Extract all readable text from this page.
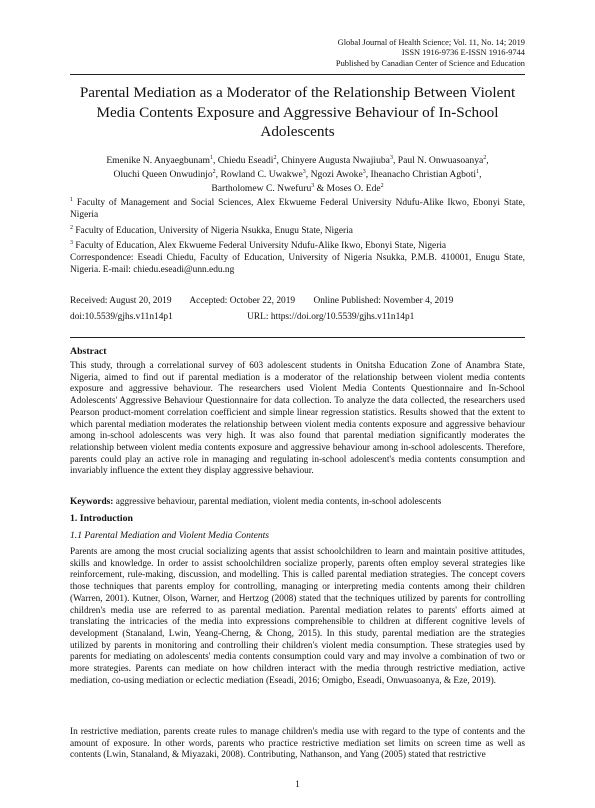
Global Journal of Health Science; Vol. 11, No. 14; 2019
ISSN 1916-9736 E-ISSN 1916-9744
Published by Canadian Center of Science and Education
Parental Mediation as a Moderator of the Relationship Between Violent Media Contents Exposure and Aggressive Behaviour of In-School Adolescents
Emenike N. Anyaegbunam$^1$, Chiedu Eseadi$^2$, Chinyere Augusta Nwajiuba$^3$, Paul N. Onwuasoanya$^2$,
Oluchi Queen Onwudinjo$^2$, Rowland C. Uwakwe$^3$, Ngozi Awoke$^3$, Iheanacho Christian Agboti$^1$,
Bartholomew C. Nwefuru$^3$ & Moses O. Ede$^2$
$^1$ Faculty of Management and Social Sciences, Alex Ekwueme Federal University Ndufu-Alike Ikwo, Ebonyi State, Nigeria
$^2$ Faculty of Education, University of Nigeria Nsukka, Enugu State, Nigeria
$^3$ Faculty of Education, Alex Ekwueme Federal University Ndufu-Alike Ikwo, Ebonyi State, Nigeria
Correspondence: Eseadi Chiedu, Faculty of Education, University of Nigeria Nsukka, P.M.B. 410001, Enugu State, Nigeria. E-mail: chiedu.eseadi@unn.edu.ng
Received: August 20, 2019 Accepted: October 22, 2019 Online Published: November 4, 2019
doi:10.5539/gjhs.v11n14p1	URL: https://doi.org/10.5539/gjhs.v11n14p1
Abstract
This study, through a correlational survey of 603 adolescent students in Onitsha Education Zone of Anambra State, Nigeria, aimed to find out if parental mediation is a moderator of the relationship between violent media contents exposure and aggressive behaviour. The researchers used Violent Media Contents Questionnaire and In-School Adolescents' Aggressive Behaviour Questionnaire for data collection. To analyze the data collected, the researchers used Pearson product-moment correlation coefficient and simple linear regression statistics. Results showed that the extent to which parental mediation moderates the relationship between violent media contents exposure and aggressive behaviour among in-school adolescents was very high. It was also found that parental mediation significantly moderates the relationship between violent media contents exposure and aggressive behaviour among in-school adolescents. Therefore, parents could play an active role in managing and regulating in-school adolescent's media contents consumption and invariably influence the extent they display aggressive behaviour.
Keywords: aggressive behaviour, parental mediation, violent media contents, in-school adolescents
1. Introduction
1.1 Parental Mediation and Violent Media Contents
Parents are among the most crucial socializing agents that assist schoolchildren to learn and maintain positive attitudes, skills and knowledge. In order to assist schoolchildren socialize properly, parents often employ several strategies like reinforcement, rule-making, discussion, and modelling. This is called parental mediation strategies. The concept covers those techniques that parents employ for controlling, managing or interpreting media contents among their children (Warren, 2001). Kutner, Olson, Warner, and Hertzog (2008) stated that the techniques utilized by parents for controlling children's media use are referred to as parental mediation. Parental mediation relates to parents' efforts aimed at translating the intricacies of the media into expressions comprehensible to children at different cognitive levels of development (Stanaland, Lwin, Yeang-Cherng, & Chong, 2015). In this study, parental mediation are the strategies utilized by parents in monitoring and controlling their children's violent media consumption. These strategies used by parents for mediating on adolescents' media contents consumption could vary and may involve a combination of two or more strategies. Parents can mediate on how children interact with the media through restrictive mediation, active mediation, co-using mediation or eclectic mediation (Eseadi, 2016; Omigbo, Eseadi, Onwuasoanya, & Eze, 2019).
In restrictive mediation, parents create rules to manage children's media use with regard to the type of contents and the amount of exposure. In other words, parents who practice restrictive mediation set limits on screen time as well as contents (Lwin, Stanaland, & Miyazaki, 2008). Contributing, Nathanson, and Yang (2005) stated that restrictive
1
